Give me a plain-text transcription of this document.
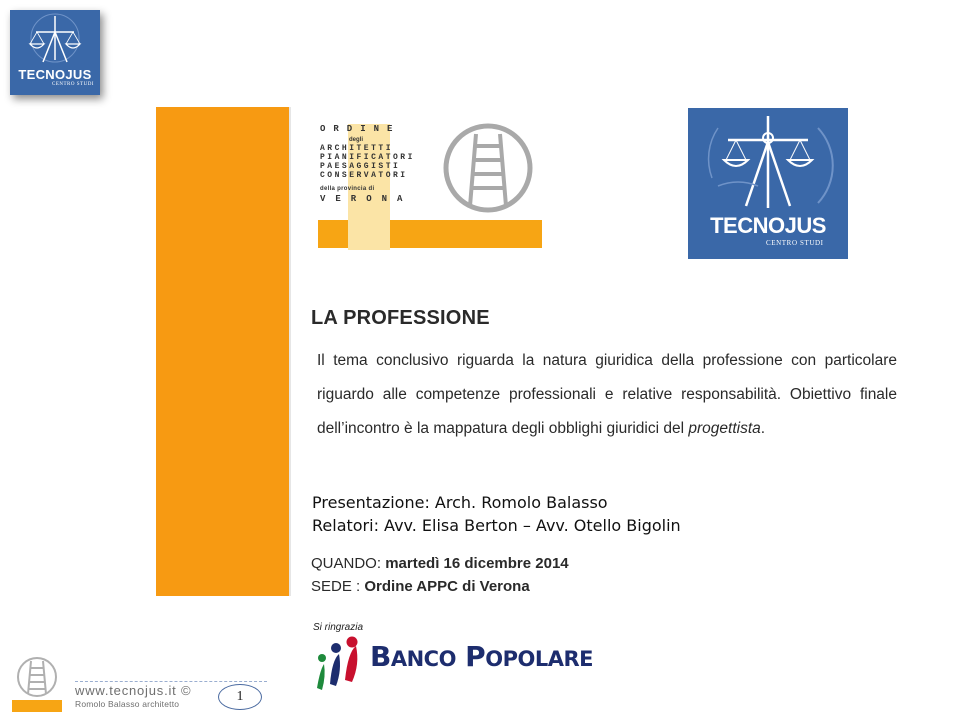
TECNOJUS
CENTRO STUDI
ORDINE
degli
ARCHITETTI
PIANIFICATORI
PAESAGGISTI
CONSERVATORI
della provincia di
VERONA
TECNOJUS
CENTRO STUDI
LA PROFESSIONE
Il tema conclusivo riguarda la natura giuridica della professione con particolare riguardo alle competenze professionali e relative responsabilità. Obiettivo finale dell’incontro è la mappatura degli obblighi giuridici del progettista.
Presentazione: Arch. Romolo Balasso
Relatori: Avv. Elisa Berton – Avv. Otello Bigolin
QUANDO: martedì 16 dicembre 2014
SEDE : Ordine APPC di Verona
Si ringrazia
BANCO POPOLARE
www.tecnojus.it ©
Romolo Balasso architetto	1
